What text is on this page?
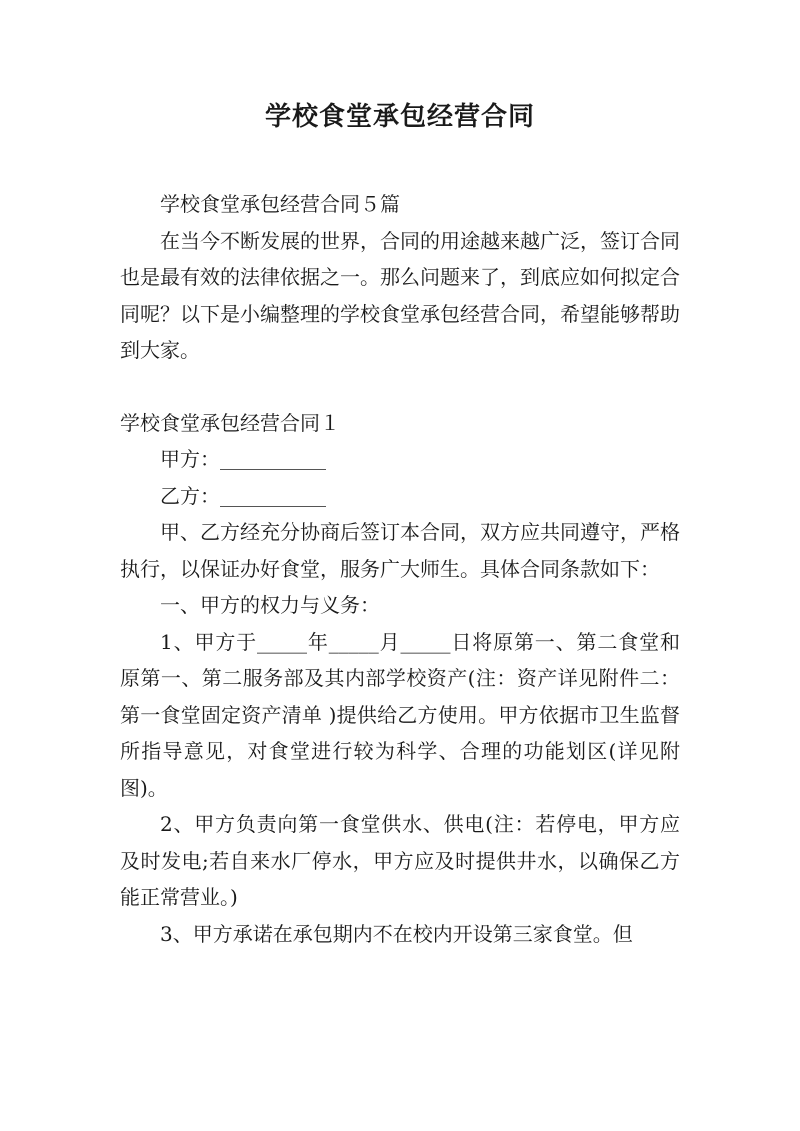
学校食堂承包经营合同

学校食堂承包经营合同５篇

在当今不断发展的世界，合同的用途越来越广泛，签订合同也是最有效的法律依据之一。那么问题来了，到底应如何拟定合同呢？以下是小编整理的学校食堂承包经营合同，希望能够帮助到大家。

学校食堂承包经营合同１

甲方：

乙方：

甲、乙方经充分协商后签订本合同，双方应共同遵守，严格执行，以保证办好食堂，服务广大师生。具体合同条款如下：

一、甲方的权力与义务：

1、甲方于_____年_____月_____日将原第一、第二食堂和原第一、第二服务部及其内部学校资产(注：资产详见附件二：第一食堂固定资产清单 )提供给乙方使用。甲方依据市卫生监督所指导意见，对食堂进行较为科学、合理的功能划区(详见附图)。

2、甲方负责向第一食堂供水、供电(注：若停电，甲方应及时发电;若自来水厂停水，甲方应及时提供井水，以确保乙方能正常营业。)

3、甲方承诺在承包期内不在校内开设第三家食堂。但
